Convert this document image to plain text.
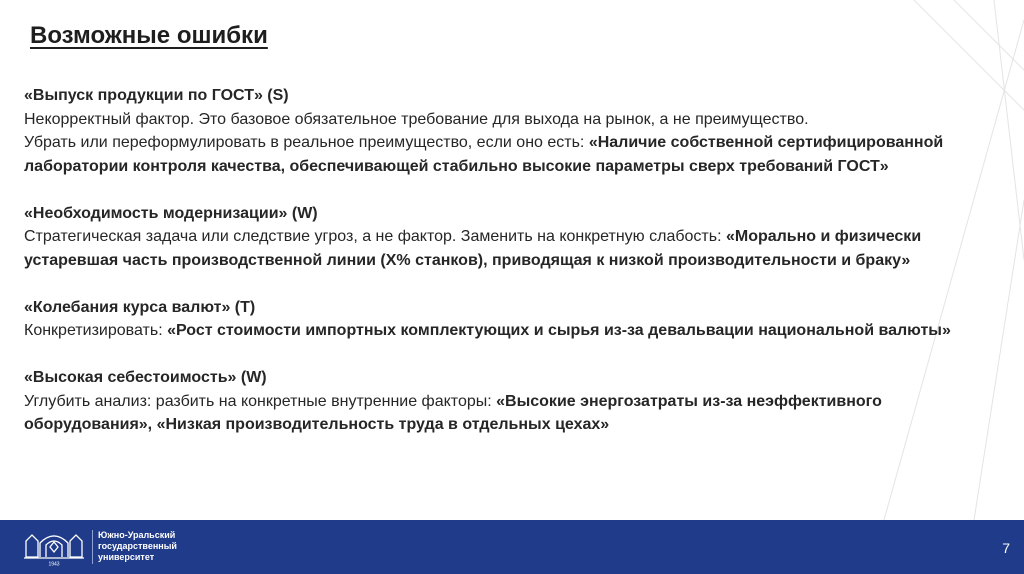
Возможные ошибки

«Выпуск продукции по ГОСТ» (S)

Некорректный фактор. Это базовое обязательное требование для выхода на рынок, а не преимущество.

Убрать или переформулировать в реальное преимущество, если оно есть: «Наличие собственной сертифицированной лаборатории контроля качества, обеспечивающей стабильно высокие параметры сверх требований ГОСТ»

«Необходимость модернизации» (W)

Стратегическая задача или следствие угроз, а не фактор. Заменить на конкретную слабость: «Морально и физически устаревшая часть производственной линии (X% станков), приводящая к низкой производительности и браку»

«Колебания курса валют» (T)

Конкретизировать: «Рост стоимости импортных комплектующих и сырья из-за девальвации национальной валюты»

«Высокая себестоимость» (W)

Углубить анализ: разбить на конкретные внутренние факторы: «Высокие энергозатраты из-за неэффективного оборудования», «Низкая производительность труда в отдельных цехах»

1943
Южно-Уральский
государственный
университет
7
